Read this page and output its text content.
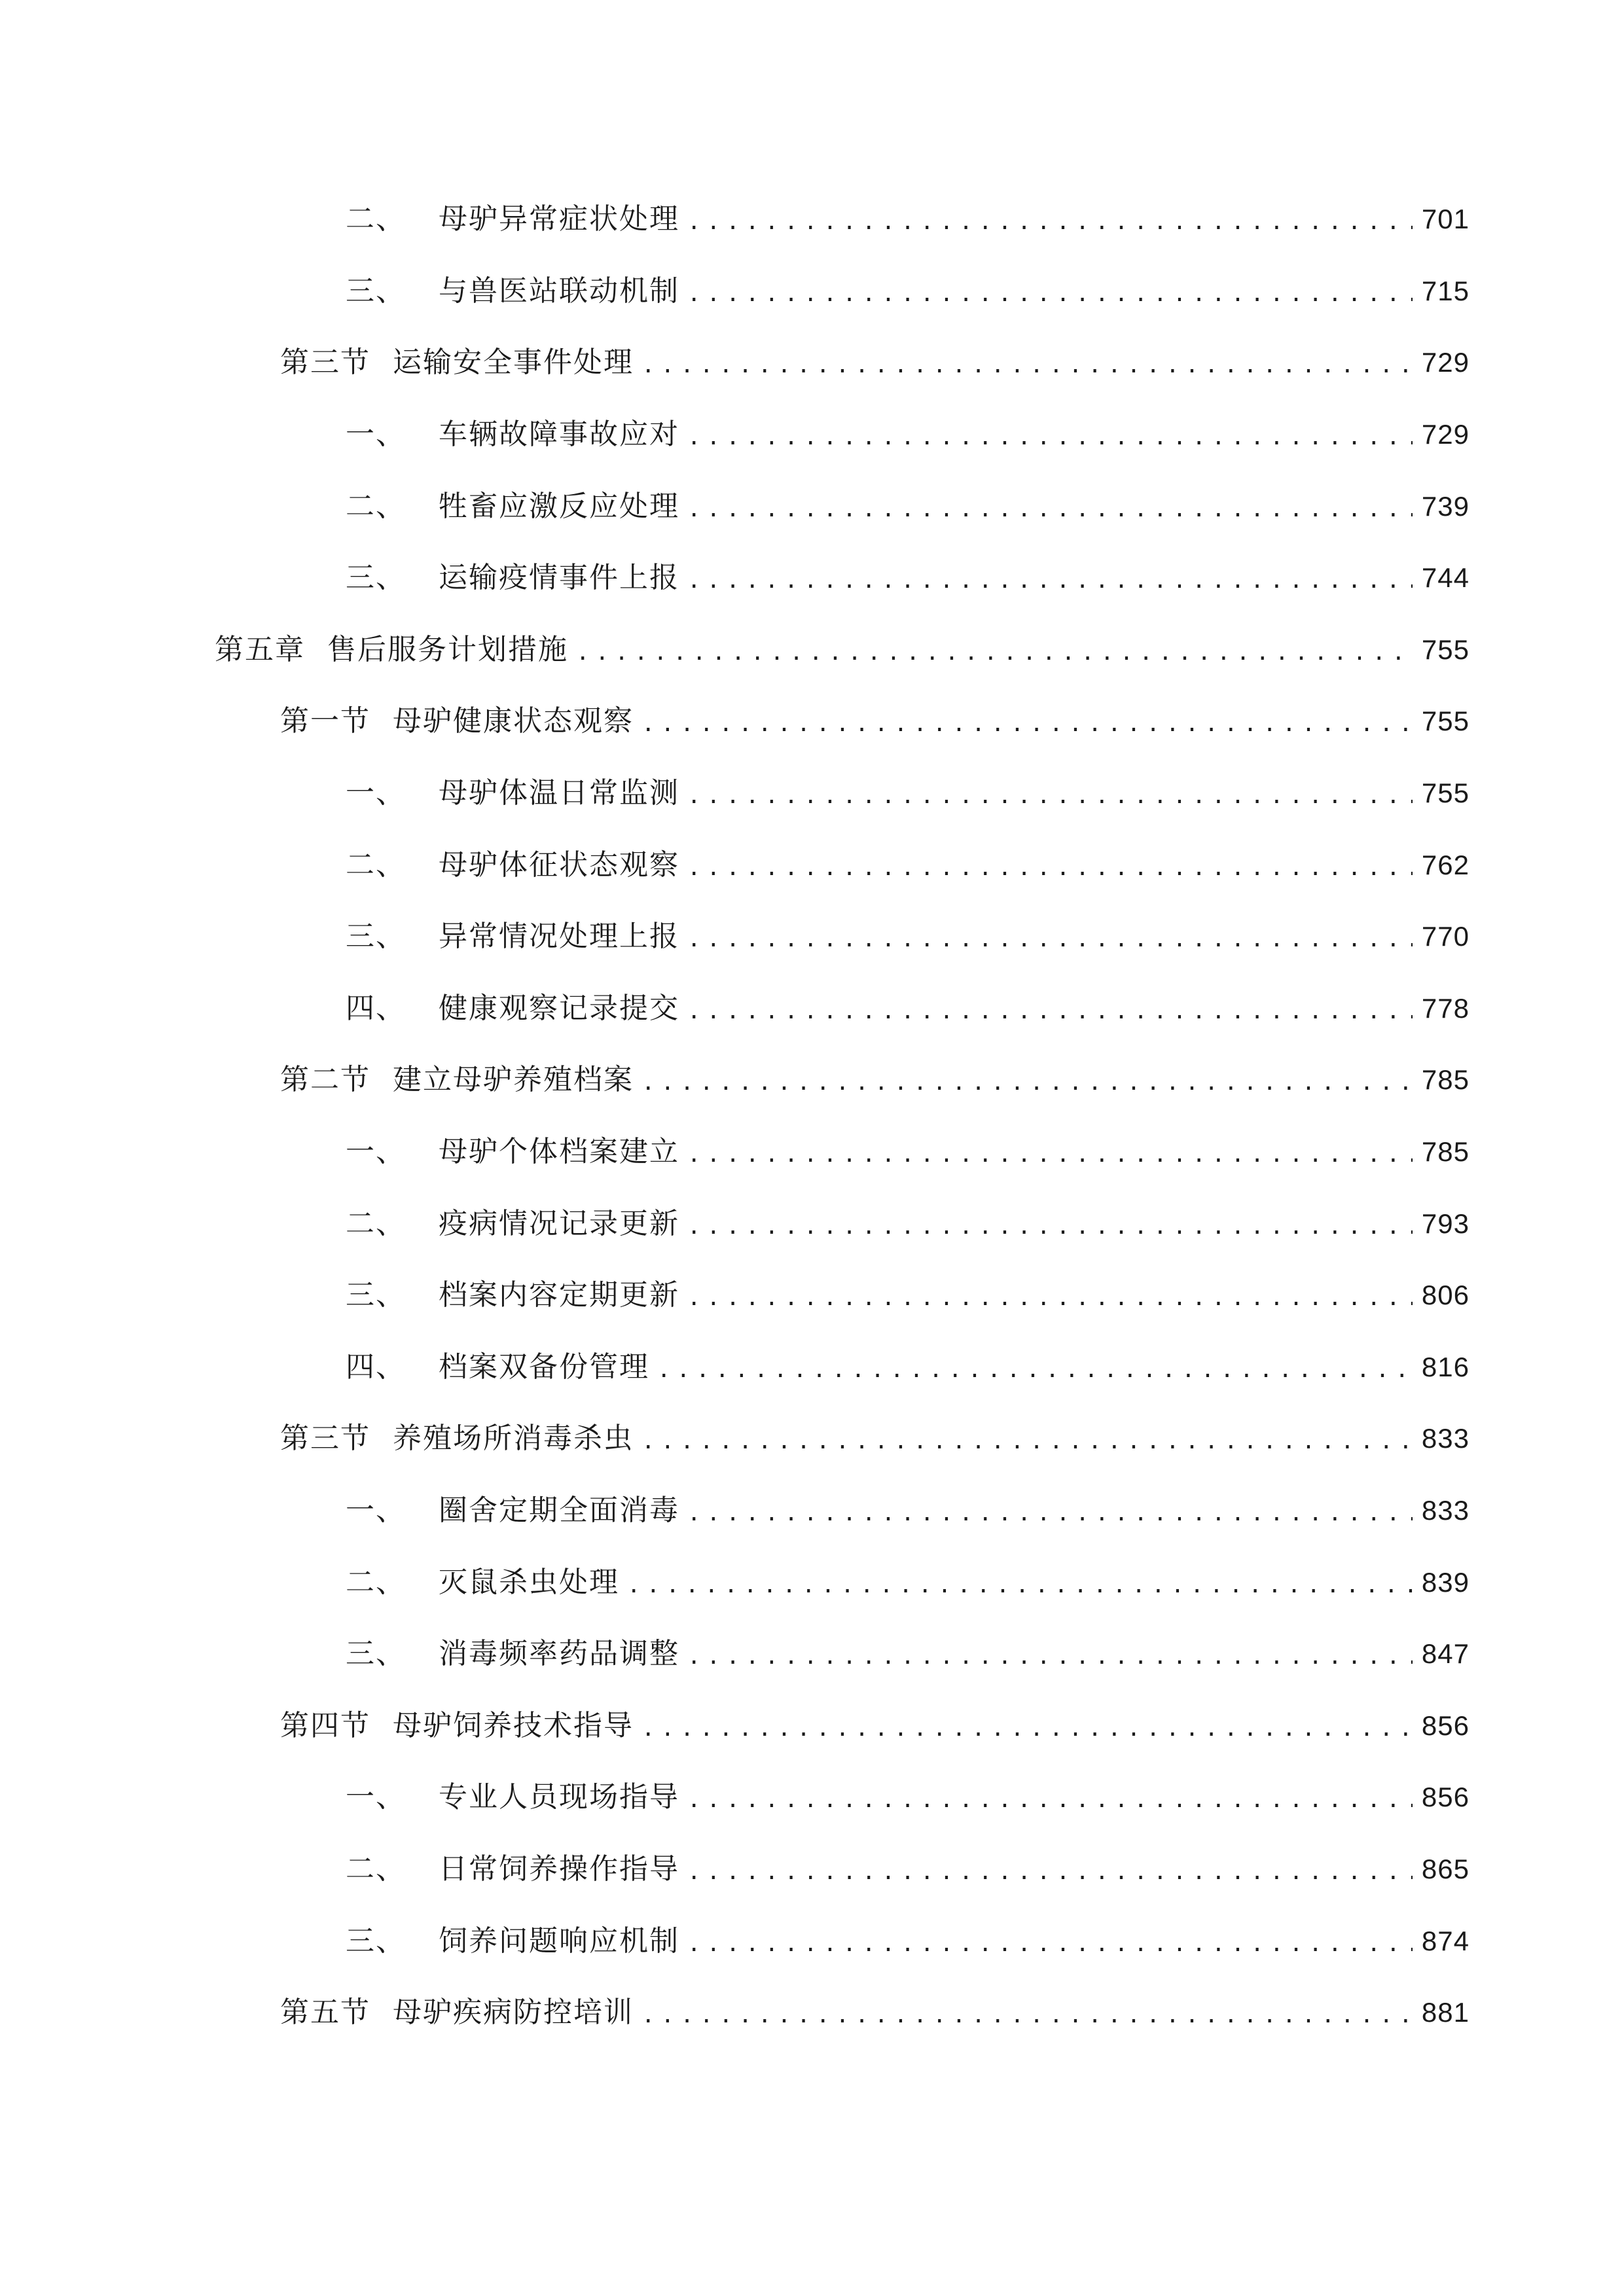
二、 母驴异常症状处理 .....	701
三、 与兽医站联动机制 .....	715
第三节 运输安全事件处理 .....	729
一、 车辆故障事故应对 .....	729
二、 牲畜应激反应处理 .....	739
三、 运输疫情事件上报 .....	744
第五章 售后服务计划措施 .....	755
第一节 母驴健康状态观察 .....	755
一、 母驴体温日常监测 .....	755
二、 母驴体征状态观察 .....	762
三、 异常情况处理上报 .....	770
四、 健康观察记录提交 .....	778
第二节 建立母驴养殖档案 .....	785
一、 母驴个体档案建立 .....	785
二、 疫病情况记录更新 .....	793
三、 档案内容定期更新 .....	806
四、 档案双备份管理 .....	816
第三节 养殖场所消毒杀虫 .....	833
一、 圈舍定期全面消毒 .....	833
二、 灭鼠杀虫处理 .....	839
三、 消毒频率药品调整 .....	847
第四节 母驴饲养技术指导 .....	856
一、 专业人员现场指导 .....	856
二、 日常饲养操作指导 .....	865
三、 饲养问题响应机制 .....	874
第五节 母驴疾病防控培训 .....	881
